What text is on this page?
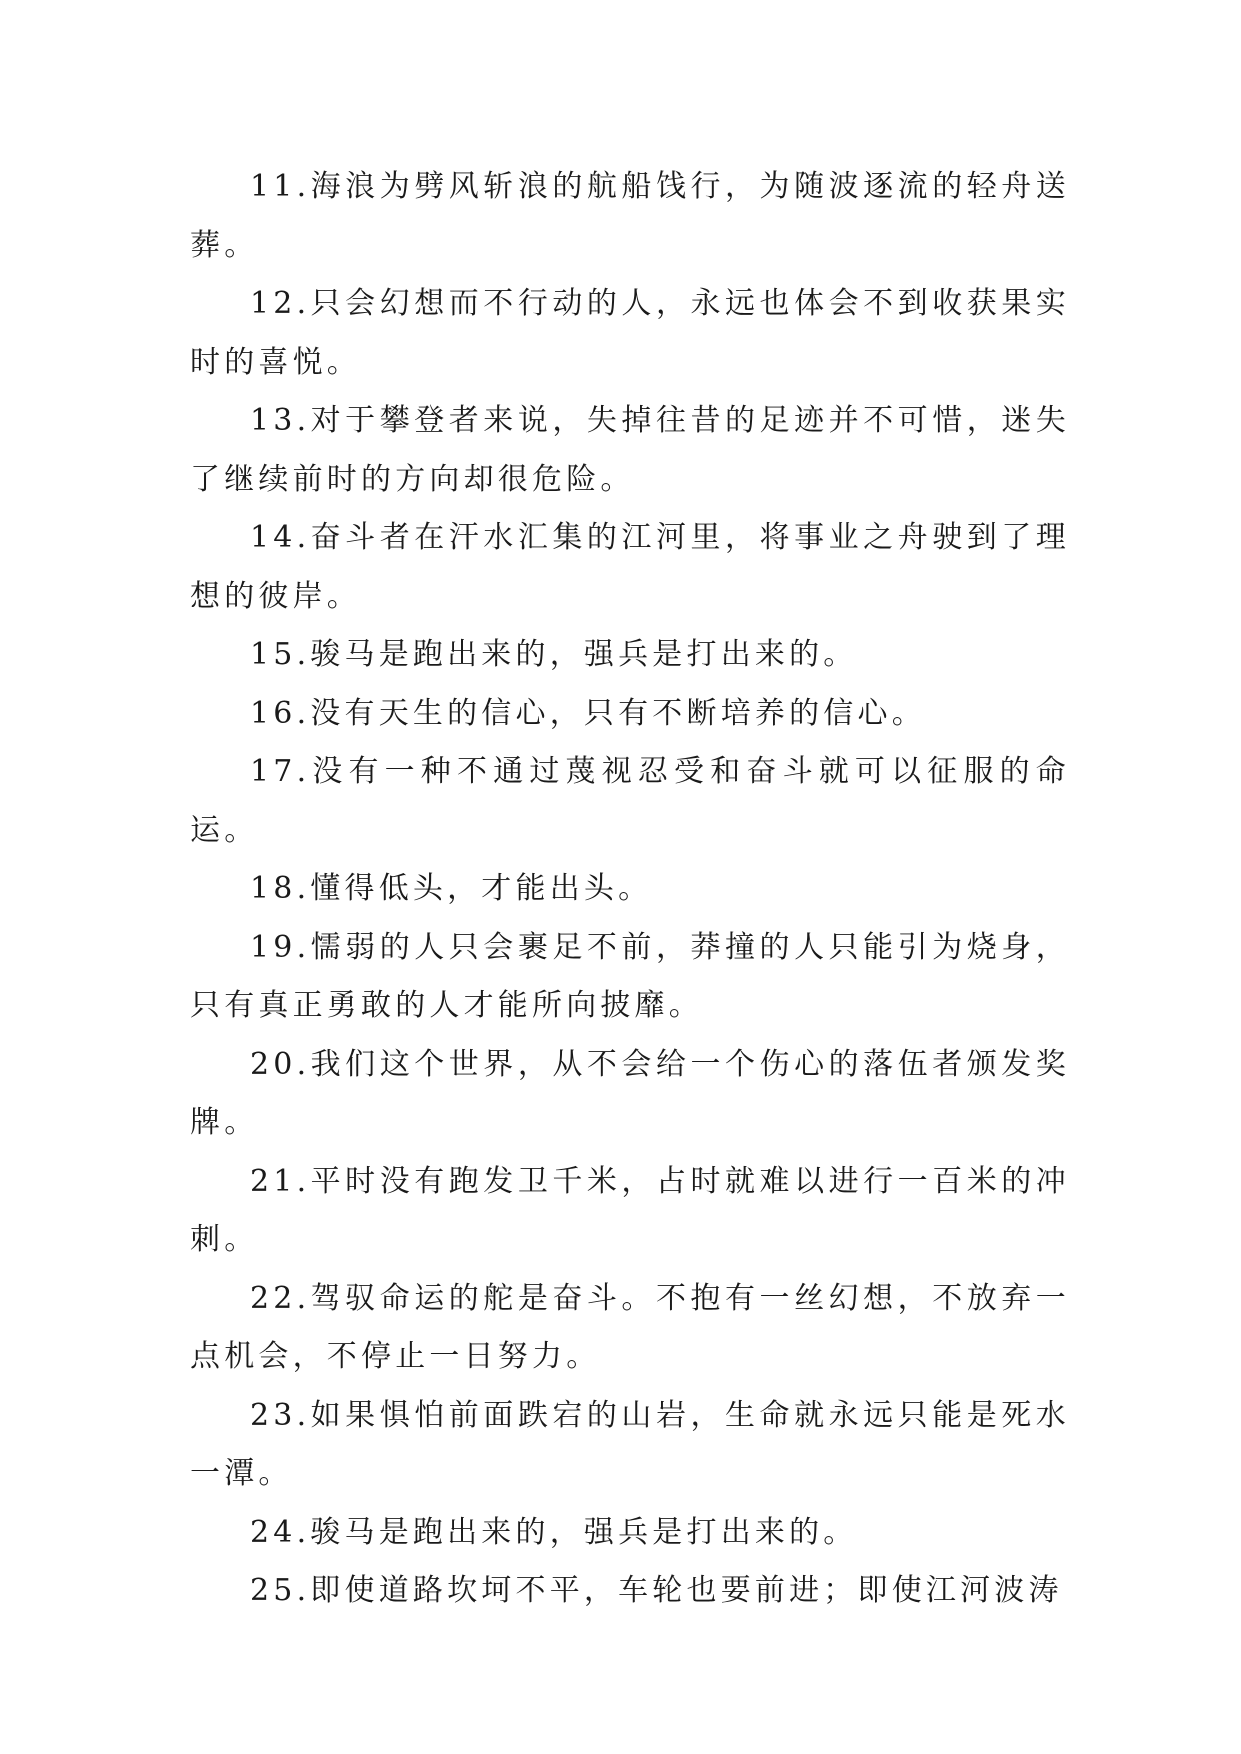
11.海浪为劈风斩浪的航船饯行，为随波逐流的轻舟送葬。

12.只会幻想而不行动的人，永远也体会不到收获果实时的喜悦。

13.对于攀登者来说，失掉往昔的足迹并不可惜，迷失了继续前时的方向却很危险。

14.奋斗者在汗水汇集的江河里，将事业之舟驶到了理想的彼岸。

15.骏马是跑出来的，强兵是打出来的。

16.没有天生的信心，只有不断培养的信心。

17.没有一种不通过蔑视忍受和奋斗就可以征服的命运。

18.懂得低头，才能出头。

19.懦弱的人只会裹足不前，莽撞的人只能引为烧身，只有真正勇敢的人才能所向披靡。

20.我们这个世界，从不会给一个伤心的落伍者颁发奖牌。

21.平时没有跑发卫千米，占时就难以进行一百米的冲刺。

22.驾驭命运的舵是奋斗。不抱有一丝幻想，不放弃一点机会，不停止一日努力。

23.如果惧怕前面跌宕的山岩，生命就永远只能是死水一潭。

24.骏马是跑出来的，强兵是打出来的。

25.即使道路坎坷不平，车轮也要前进；即使江河波涛
